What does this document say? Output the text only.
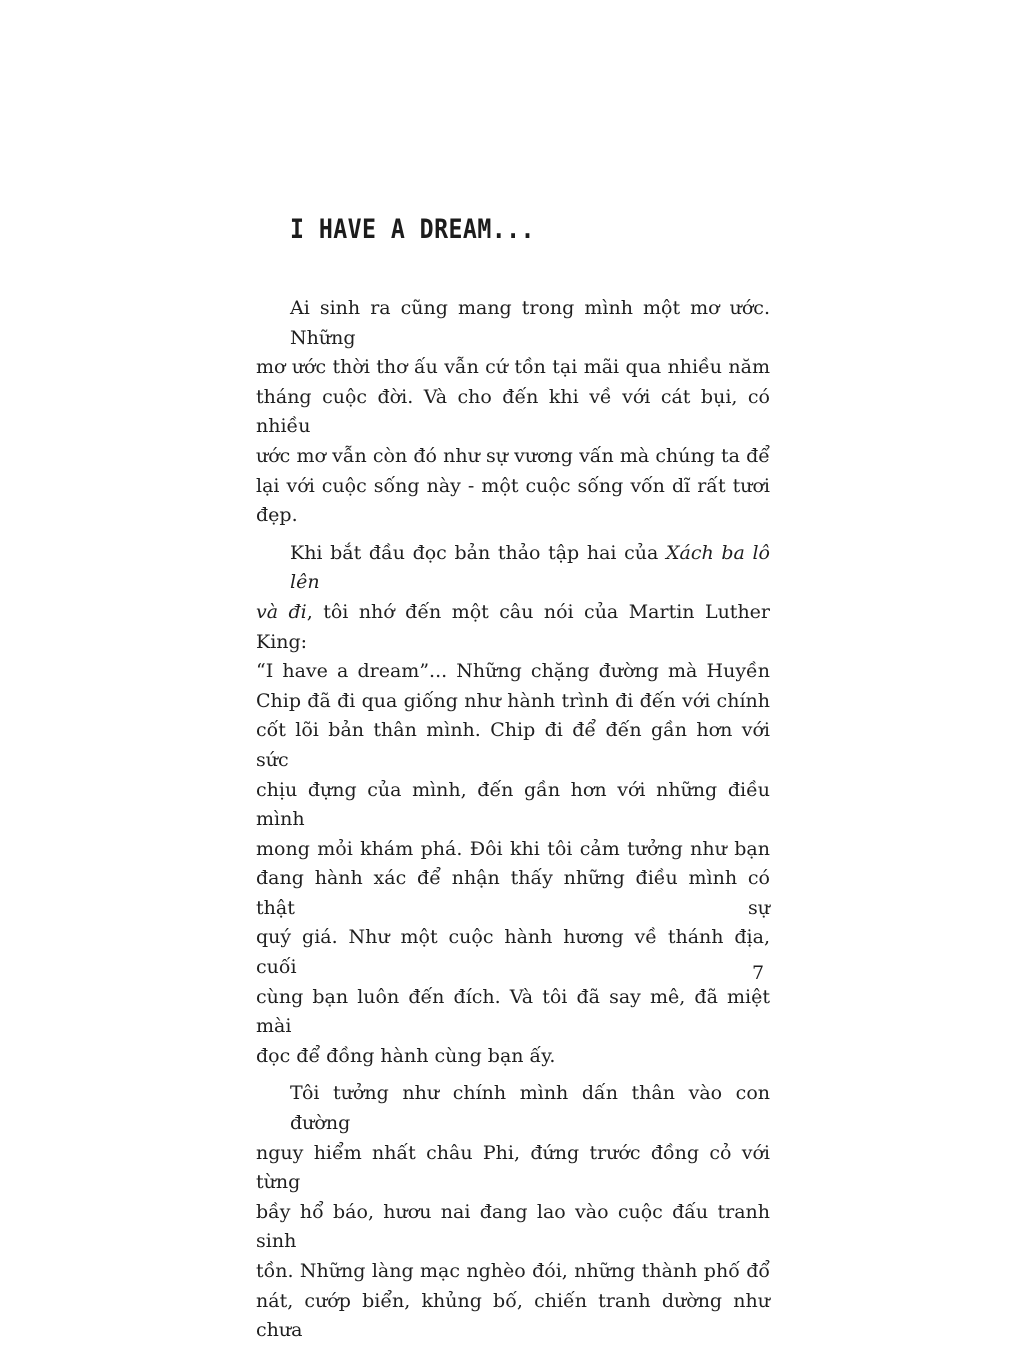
I HAVE A DREAM...

Ai sinh ra cũng mang trong mình một mơ ước. Những
mơ ước thời thơ ấu vẫn cứ tồn tại mãi qua nhiều năm
tháng cuộc đời. Và cho đến khi về với cát bụi, có nhiều
ước mơ vẫn còn đó như sự vương vấn mà chúng ta để
lại với cuộc sống này - một cuộc sống vốn dĩ rất tươi đẹp.

Khi bắt đầu đọc bản thảo tập hai của Xách ba lô lên
và đi, tôi nhớ đến một câu nói của Martin Luther King:
“I have a dream”... Những chặng đường mà Huyền
Chip đã đi qua giống như hành trình đi đến với chính
cốt lõi bản thân mình. Chip đi để đến gần hơn với sức
chịu đựng của mình, đến gần hơn với những điều mình
mong mỏi khám phá. Đôi khi tôi cảm tưởng như bạn
đang hành xác để nhận thấy những điều mình có thật sự
quý giá. Như một cuộc hành hương về thánh địa, cuối
cùng bạn luôn đến đích. Và tôi đã say mê, đã miệt mài
đọc để đồng hành cùng bạn ấy.

Tôi tưởng như chính mình dấn thân vào con đường
nguy hiểm nhất châu Phi, đứng trước đồng cỏ với từng
bầy hổ báo, hươu nai đang lao vào cuộc đấu tranh sinh
tồn. Những làng mạc nghèo đói, những thành phố đổ
nát, cướp biển, khủng bố, chiến tranh dường như chưa

7
